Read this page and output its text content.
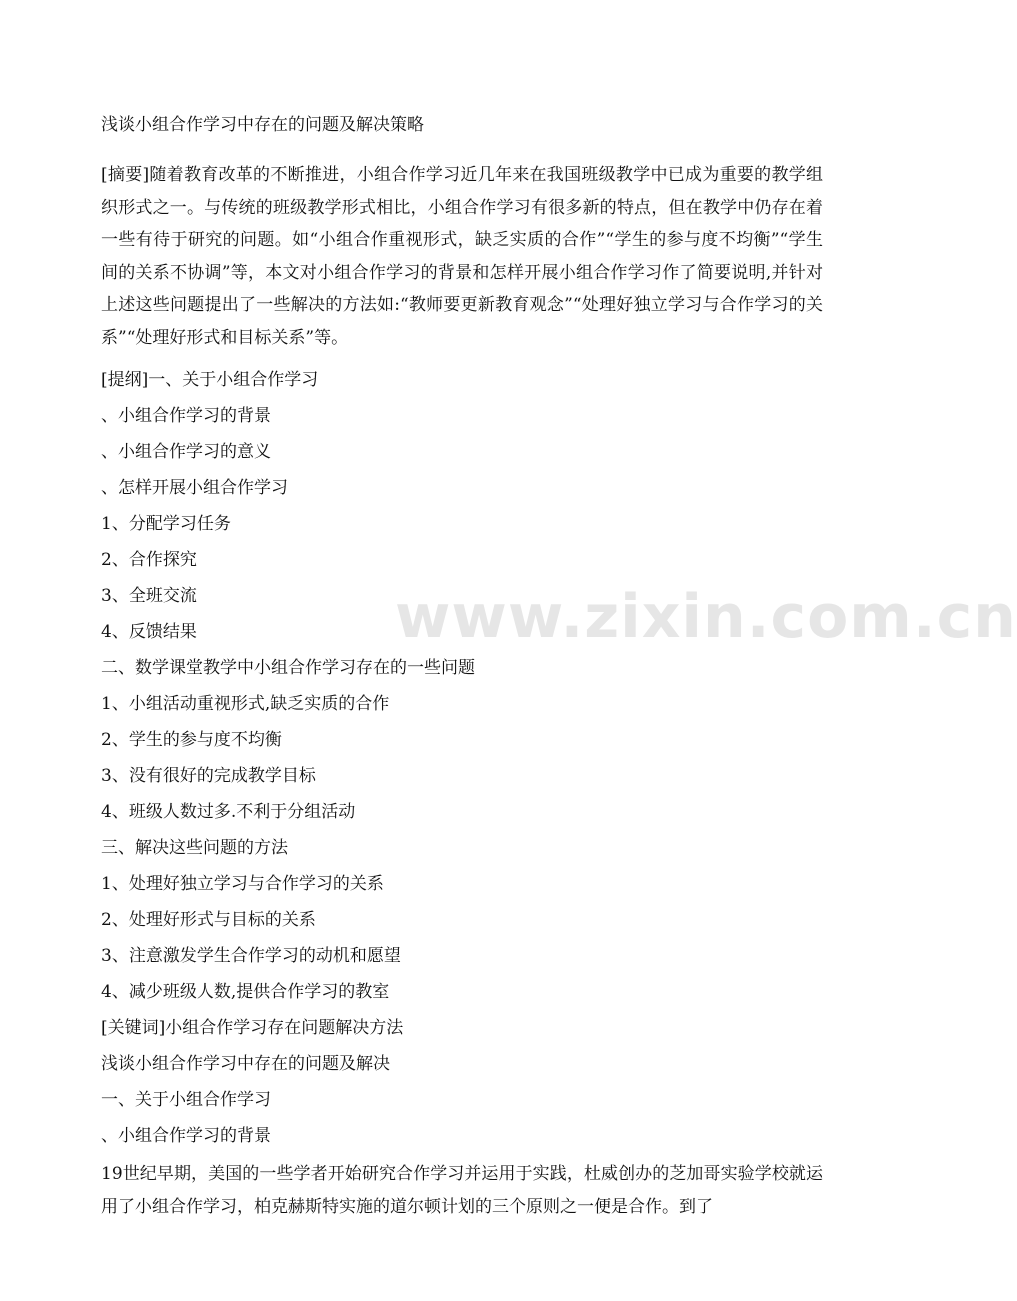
www.zixin.com.cn

浅谈小组合作学习中存在的问题及解决策略

[摘要]随着教育改革的不断推进，小组合作学习近几年来在我国班级教学中已成为重要的教学组织形式之一。与传统的班级教学形式相比，小组合作学习有很多新的特点，但在教学中仍存在着一些有待于研究的问题。如“小组合作重视形式，缺乏实质的合作”“学生的参与度不均衡”“学生间的关系不协调”等，本文对小组合作学习的背景和怎样开展小组合作学习作了简要说明,并针对上述这些问题提出了一些解决的方法如:“教师要更新教育观念”“处理好独立学习与合作学习的关系”“处理好形式和目标关系”等。

[提纲]一、关于小组合作学习

、小组合作学习的背景

、小组合作学习的意义

、怎样开展小组合作学习

1、分配学习任务

2、合作探究

3、全班交流

4、反馈结果

二、数学课堂教学中小组合作学习存在的一些问题

1、小组活动重视形式,缺乏实质的合作

2、学生的参与度不均衡

3、没有很好的完成教学目标

4、班级人数过多.不利于分组活动

三、解决这些问题的方法

1、处理好独立学习与合作学习的关系

2、处理好形式与目标的关系

3、注意激发学生合作学习的动机和愿望

4、减少班级人数,提供合作学习的教室

[关键词]小组合作学习存在问题解决方法

浅谈小组合作学习中存在的问题及解决

一、关于小组合作学习

、小组合作学习的背景

19世纪早期，美国的一些学者开始研究合作学习并运用于实践，杜威创办的芝加哥实验学校就运用了小组合作学习，柏克赫斯特实施的道尔顿计划的三个原则之一便是合作。到了
